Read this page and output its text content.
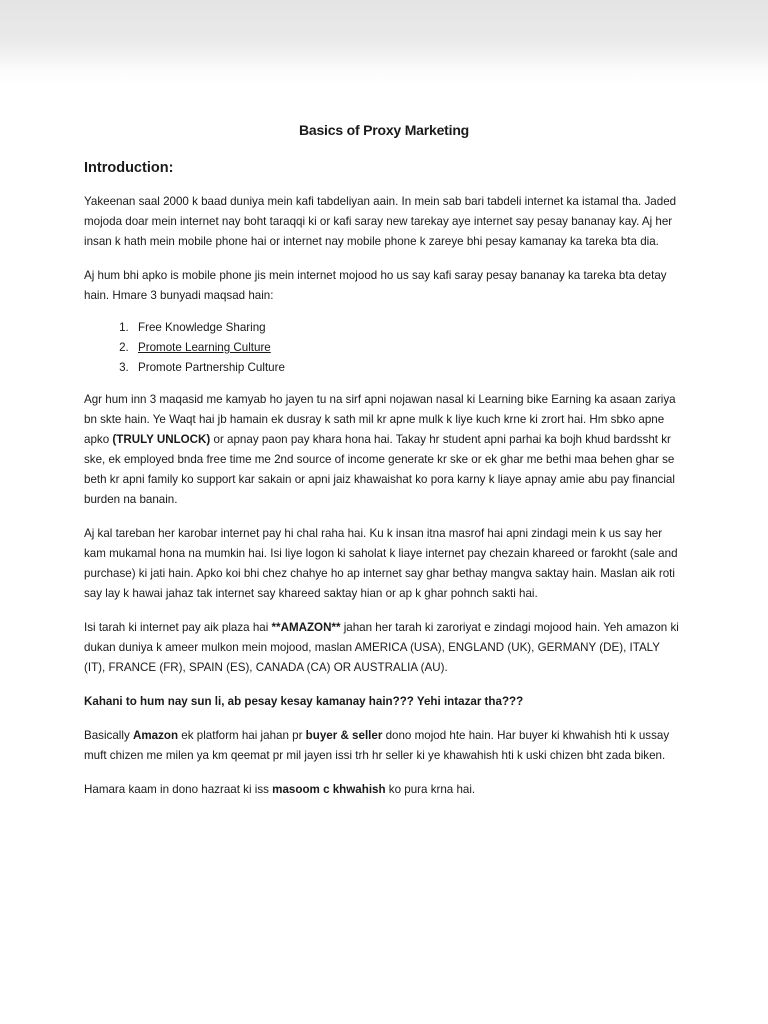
Basics of Proxy Marketing
Introduction:

Yakeenan saal 2000 k baad duniya mein kafi tabdeliyan aain. In mein sab bari tabdeli internet ka istamal tha. Jaded mojoda doar mein internet nay boht taraqqi ki or kafi saray new tarekay aye internet say pesay bananay kay. Aj her insan k hath mein mobile phone hai or internet nay mobile phone k zareye bhi pesay kamanay ka tareka bta dia.

Aj hum bhi apko is mobile phone jis mein internet mojood ho us say kafi saray pesay bananay ka tareka bta detay hain. Hmare 3 bunyadi maqsad hain:

1. Free Knowledge Sharing
2. Promote Learning Culture
3. Promote Partnership Culture

Agr hum inn 3 maqasid me kamyab ho jayen tu na sirf apni nojawan nasal ki Learning bike Earning ka asaan zariya bn skte hain. Ye Waqt hai jb hamain ek dusray k sath mil kr apne mulk k liye kuch krne ki zrort hai. Hm sbko apne apko (TRULY UNLOCK) or apnay paon pay khara hona hai. Takay hr student apni parhai ka bojh khud bardssht kr ske, ek employed bnda free time me 2nd source of income generate kr ske or ek ghar me bethi maa behen ghar se beth kr apni family ko support kar sakain or apni jaiz khawaishat ko pora karny k liaye apnay amie abu pay financial burden na banain.

Aj kal tareban her karobar internet pay hi chal raha hai. Ku k insan itna masrof hai apni zindagi mein k us say her kam mukamal hona na mumkin hai. Isi liye logon ki saholat k liaye internet pay chezain khareed or farokht (sale and purchase) ki jati hain. Apko koi bhi chez chahye ho ap internet say ghar bethay mangva saktay hain. Maslan aik roti say lay k hawai jahaz tak internet say khareed saktay hian or ap k ghar pohnch sakti hai.

Isi tarah ki internet pay aik plaza hai **AMAZON** jahan her tarah ki zaroriyat e zindagi mojood hain. Yeh amazon ki dukan duniya k ameer mulkon mein mojood, maslan AMERICA (USA), ENGLAND (UK), GERMANY (DE), ITALY (IT), FRANCE (FR), SPAIN (ES), CANADA (CA) OR AUSTRALIA (AU).

Kahani to hum nay sun li, ab pesay kesay kamanay hain??? Yehi intazar tha???

Basically Amazon ek platform hai jahan pr buyer & seller dono mojod hte hain. Har buyer ki khwahish hti k ussay muft chizen me milen ya km qeemat pr mil jayen issi trh hr seller ki ye khawahish hti k uski chizen bht zada biken.

Hamara kaam in dono hazraat ki iss masoom c khwahish ko pura krna hai.
